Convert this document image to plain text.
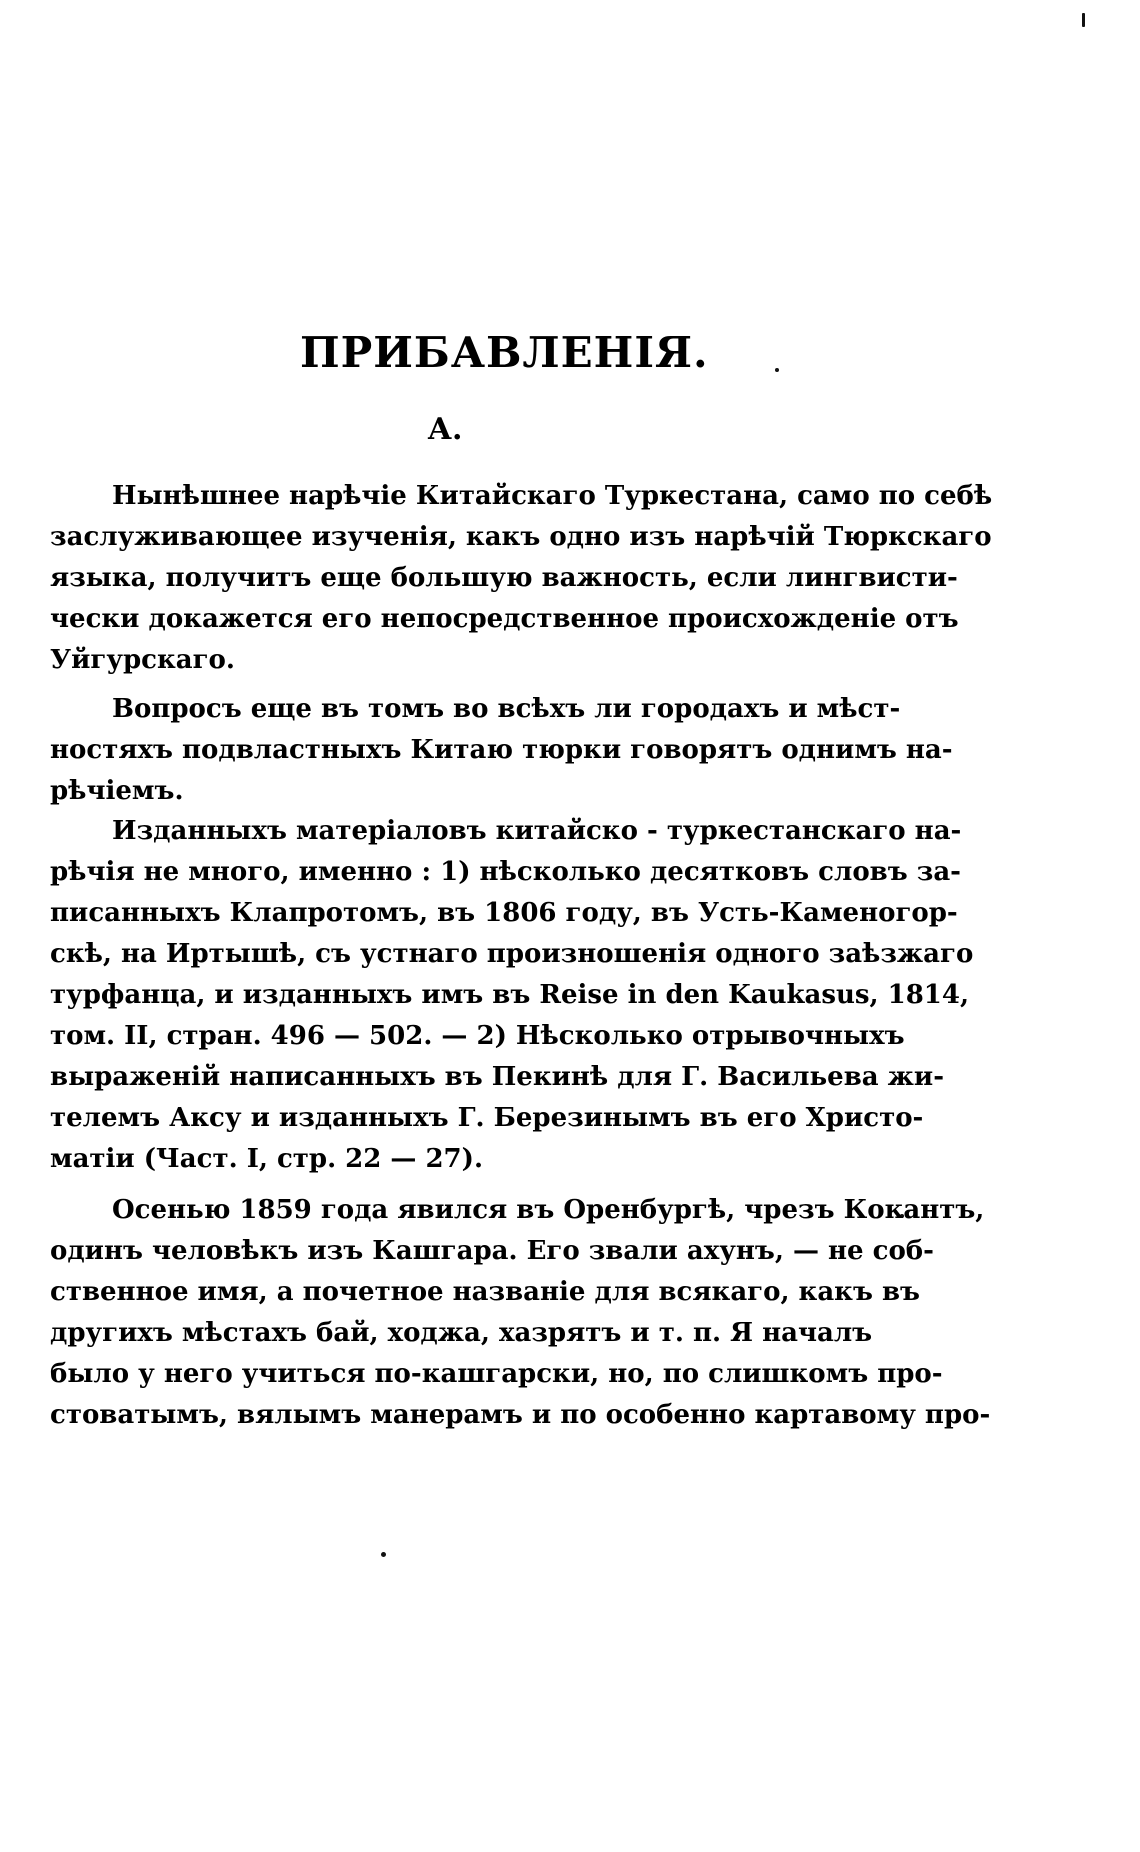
ПРИБАВЛЕНІЯ.
А.
Нынѣшнее нарѣчіе Китайскаго Туркестана, само по себѣ
заслуживающее изученія, какъ одно изъ нарѣчій Тюркскаго
языка, получитъ еще большую важность, если лингвисти-
чески докажется его непосредственное происхожденіе отъ
Уйгурскаго.
Вопросъ еще въ томъ во всѣхъ ли городахъ и мѣст-
ностяхъ подвластныхъ Китаю тюрки говорятъ однимъ на-
рѣчіемъ.
Изданныхъ матеріаловъ китайско - туркестанскаго на-
рѣчія не много, именно : 1) нѣсколько десятковъ словъ за-
писанныхъ Клапротомъ, въ 1806 году, въ Усть-Каменогор-
скѣ, на Иртышѣ, съ устнаго произношенія одного заѣзжаго
турфанца, и изданныхъ имъ въ Reise in den Kaukasus, 1814,
том. II, стран. 496 — 502. — 2) Нѣсколько отрывочныхъ
выраженій написанныхъ въ Пекинѣ для Г. Васильева жи-
телемъ Аксу и изданныхъ Г. Березинымъ въ его Христо-
матіи (Част. I, стр. 22 — 27).
Осенью 1859 года явился въ Оренбургѣ, чрезъ Кокантъ,
одинъ человѣкъ изъ Кашгара. Его звали ахунъ, — не соб-
ственное имя, а почетное названіе для всякаго, какъ въ
другихъ мѣстахъ бай, ходжа, хазрятъ и т. п. Я началъ
было у него учиться по-кашгарски, но, по слишкомъ про-
стоватымъ, вялымъ манерамъ и по особенно картавому про-
